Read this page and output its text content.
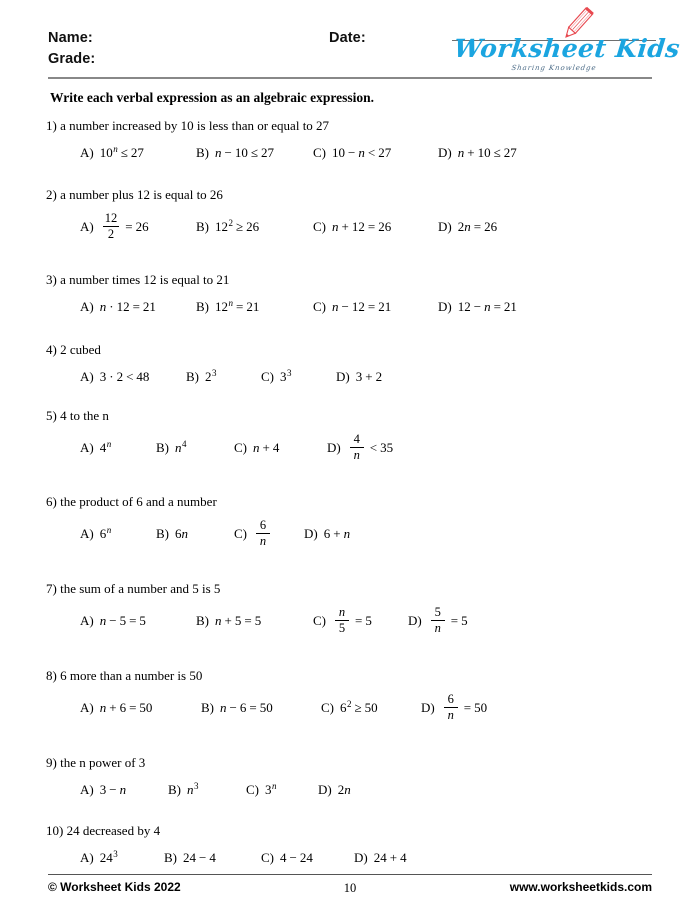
Name:
Grade:
Date:	Worksheet Kids
Sharing Knowledge
Write each verbal expression as an algebraic expression.
1) a number increased by 10 is less than or equal to 27
A) 10 n ≤ 27	B) n − 10 ≤ 27	C) 10 − n < 27	D) n + 10 ≤ 27
2) a number plus 12 is equal to 26
$A) \frac{12}{2} = 26$	B) 12 2 ≥ 26	C) n + 12 = 26	D) 2 n = 26
3) a number times 12 is equal to 21
A) n · 12 = 21	B) 12 n = 21	C) n − 12 = 21	D) 12 − n = 21
4) 2 cubed
A) 3 · 2 < 48	B) 2 3	C) 3 3	D) 3 + 2
5) 4 to the n
A) 4 n	B) n 4	C) n + 4	$D) \frac{4}{n} < 35$
6) the product of 6 and a number
A) 6 n	B) 6 n	$C) \frac{6}{n}$	D) 6 + n
7) the sum of a number and 5 is 5
A) n − 5 = 5	B) n + 5 = 5	$C) \frac{n}{5} = 5$	$D) \frac{5}{n} = 5$
8) 6 more than a number is 50
A) n + 6 = 50	B) n − 6 = 50	C) 6 2 ≥ 50	$D) \frac{6}{n} = 50$
9) the n power of 3
A) 3 − n	B) n 3	C) 3 n	D) 2 n
10) 24 decreased by 4
A) 24 3	B) 24 − 4	C) 4 − 24	D) 24 + 4
© Worksheet Kids 2022	10	www.worksheetkids.com
